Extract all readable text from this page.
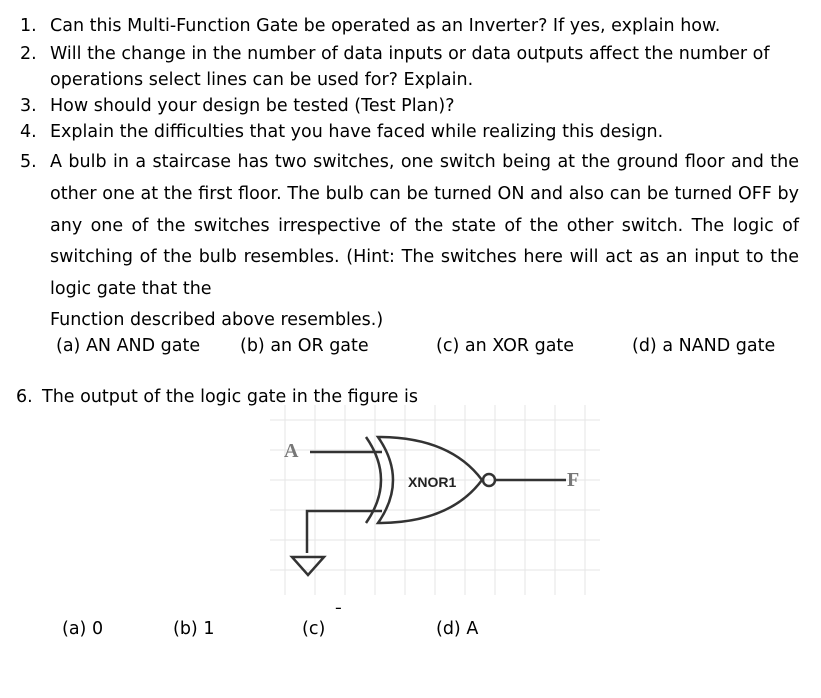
1. Can this Multi-Function Gate be operated as an Inverter? If yes, explain how.
2. Will the change in the number of data inputs or data outputs affect the number of
operations select lines can be used for? Explain.
3. How should your design be tested (Test Plan)?
4. Explain the difficulties that you have faced while realizing this design.
5. A bulb in a staircase has two switches, one switch being at the ground floor and the
other one at the first floor. The bulb can be turned ON and also can be turned OFF by
any one of the switches irrespective of the state of the other switch. The logic of
switching of the bulb resembles. (Hint: The switches here will act as an input to the
logic gate that the
Function described above resembles.)
(a) AN AND gate (b) an OR gate	(c) an XOR gate	(d) a NAND gate
6. The output of the logic gate in the figure is
A
XNOR1	F
(a) 0	(b) 1	(c)
¯
(d) A
